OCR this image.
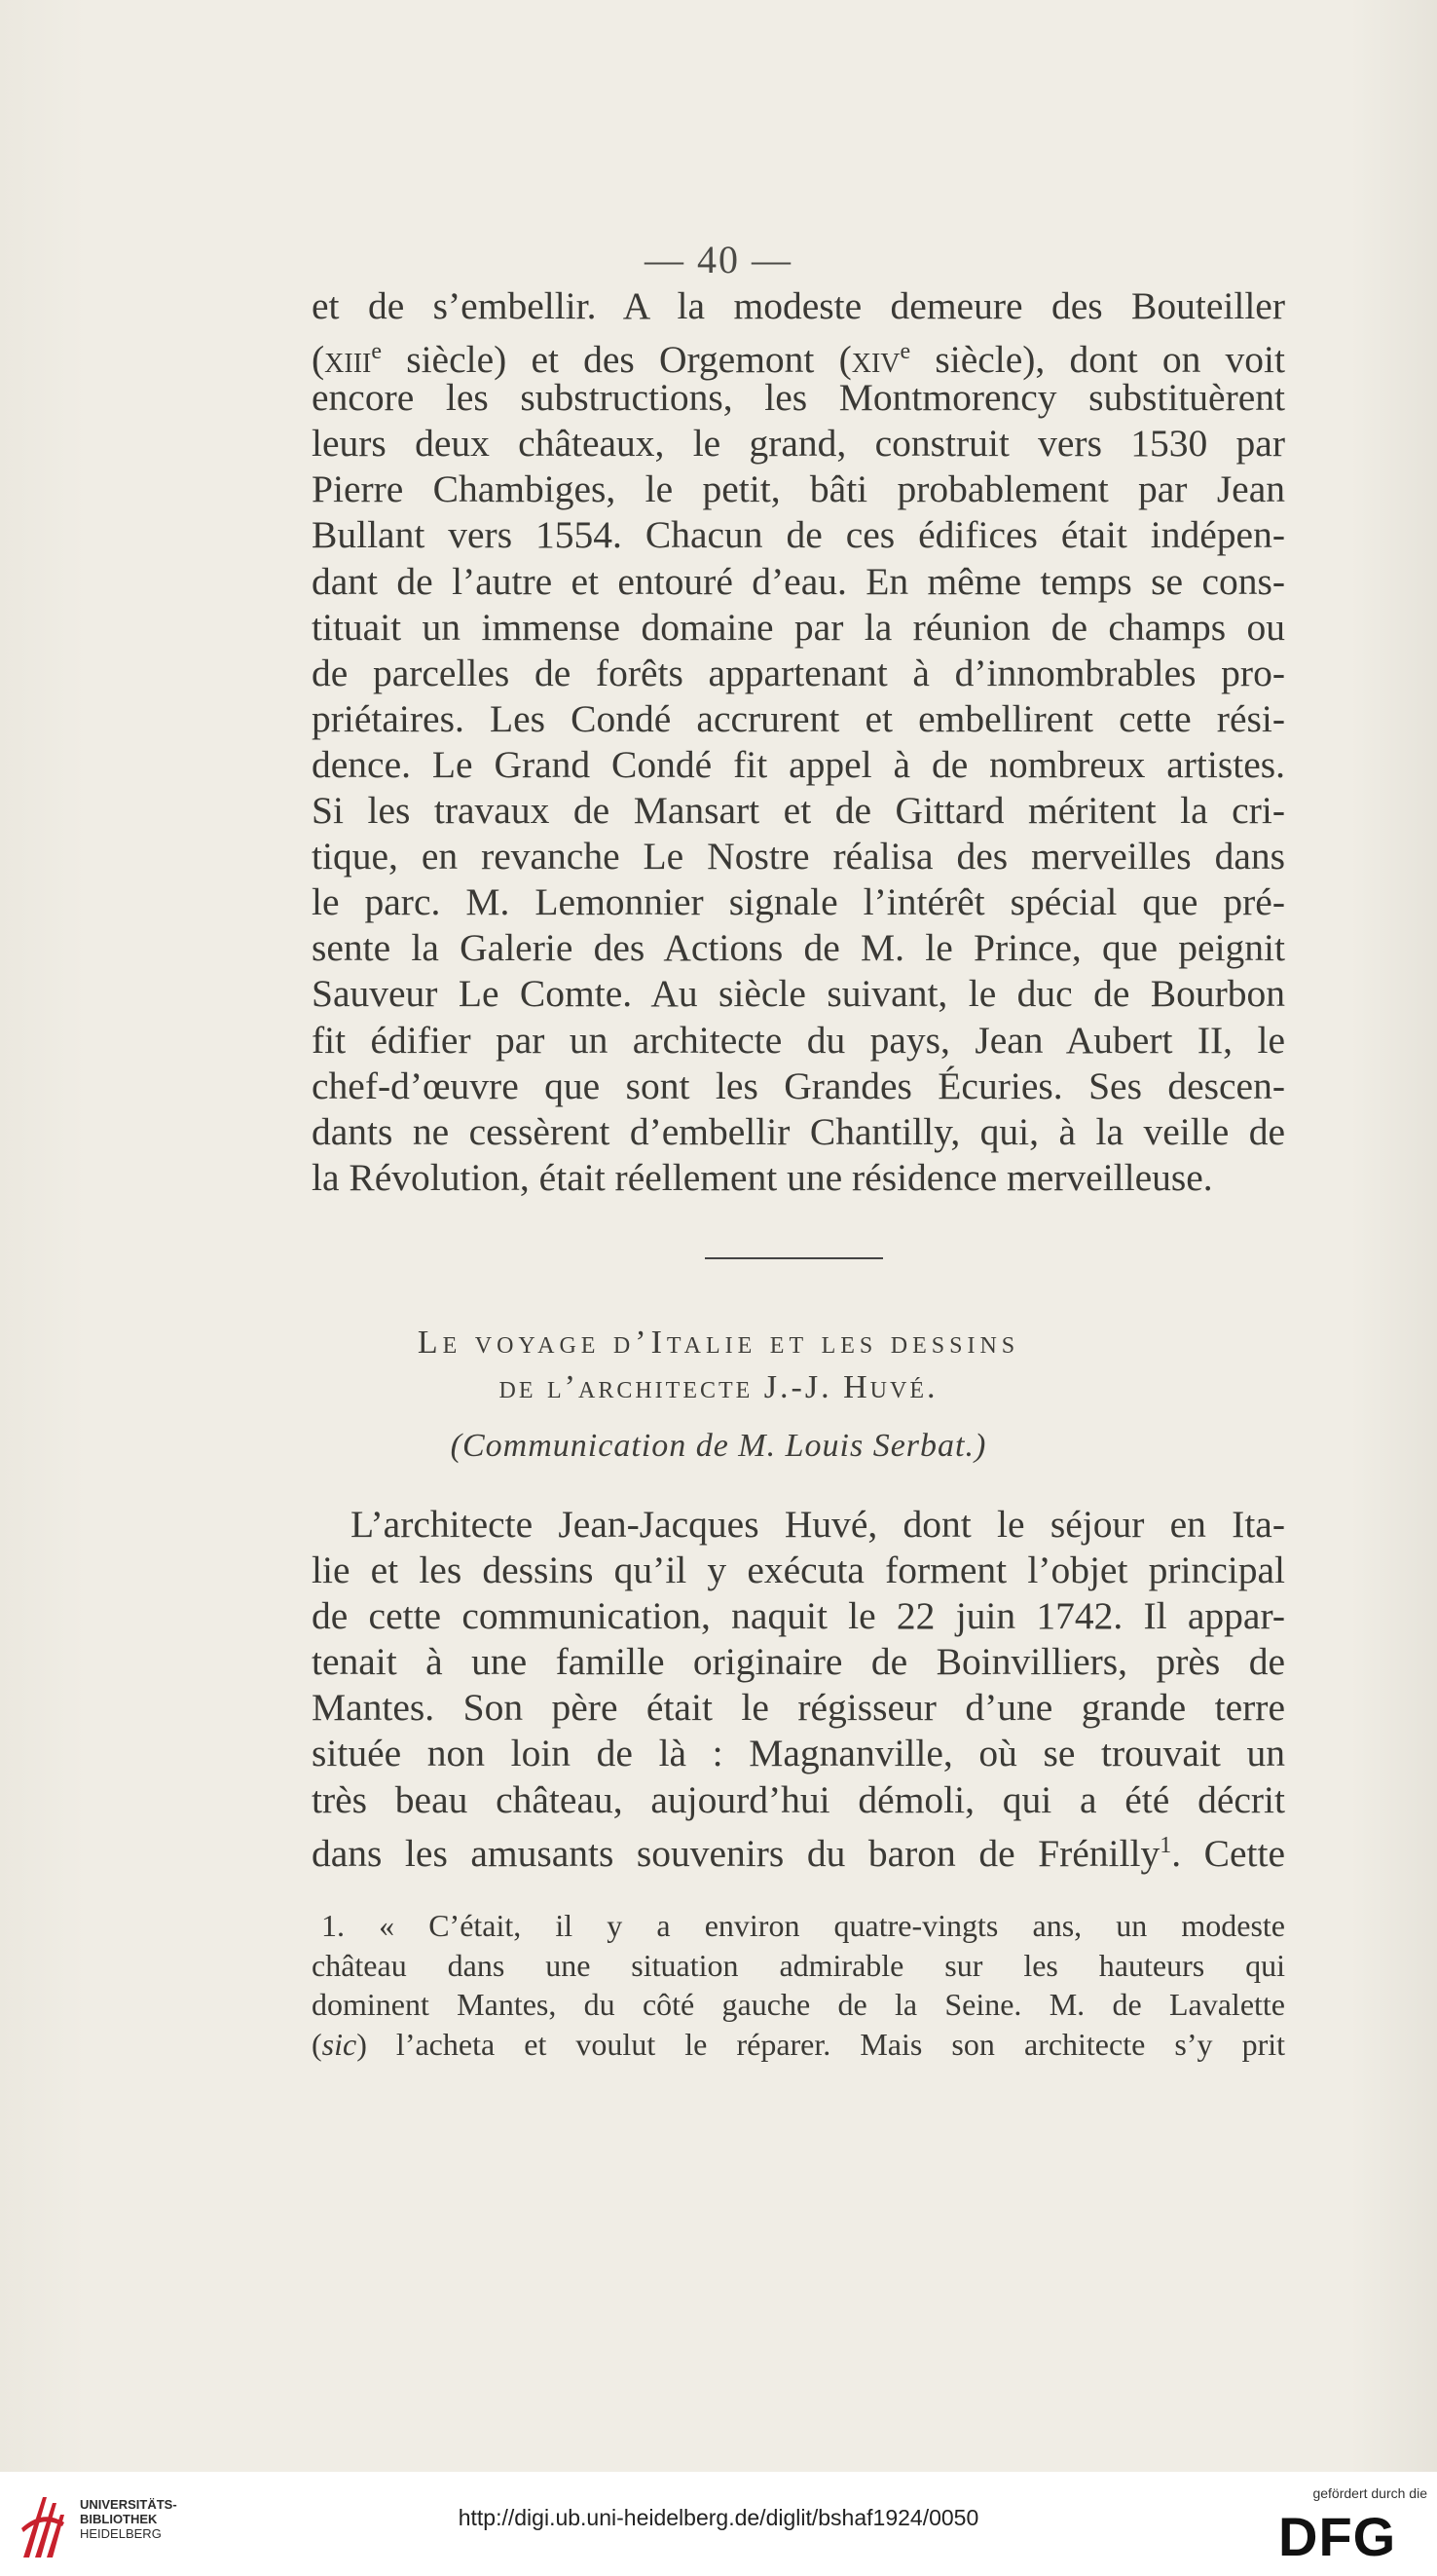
— 40 —
et de s’embellir. A la modeste demeure des Bouteiller
(xiii$^e$ siècle) et des Orgemont (xiv$^e$ siècle), dont on voit
encore les substructions, les Montmorency substituèrent
leurs deux châteaux, le grand, construit vers 1530 par
Pierre Chambiges, le petit, bâti probablement par Jean
Bullant vers 1554. Chacun de ces édifices était indépen-
dant de l’autre et entouré d’eau. En même temps se cons-
tituait un immense domaine par la réunion de champs ou
de parcelles de forêts appartenant à d’innombrables pro-
priétaires. Les Condé accrurent et embellirent cette rési-
dence. Le Grand Condé fit appel à de nombreux artistes.
Si les travaux de Mansart et de Gittard méritent la cri-
tique, en revanche Le Nostre réalisa des merveilles dans
le parc. M. Lemonnier signale l’intérêt spécial que pré-
sente la Galerie des Actions de M. le Prince, que peignit
Sauveur Le Comte. Au siècle suivant, le duc de Bourbon
fit édifier par un architecte du pays, Jean Aubert II, le
chef-d’œuvre que sont les Grandes Écuries. Ses descen-
dants ne cessèrent d’embellir Chantilly, qui, à la veille de
la Révolution, était réellement une résidence merveilleuse.
Le voyage d’Italie et les dessins
de l’architecte J.-J. Huvé.
(Communication de M. Louis Serbat.)
L’architecte Jean-Jacques Huvé, dont le séjour en Ita-
lie et les dessins qu’il y exécuta forment l’objet principal
de cette communication, naquit le 22 juin 1742. Il appar-
tenait à une famille originaire de Boinvilliers, près de
Mantes. Son père était le régisseur d’une grande terre
située non loin de là : Magnanville, où se trouvait un
très beau château, aujourd’hui démoli, qui a été décrit
dans les amusants souvenirs du baron de Frénilly$^1$. Cette
1. « C’était, il y a environ quatre-vingts ans, un modeste
château dans une situation admirable sur les hauteurs qui
dominent Mantes, du côté gauche de la Seine. M. de Lavalette
(sic) l’acheta et voulut le réparer. Mais son architecte s’y prit
UNIVERSITÄTS-
BIBLIOTHEK
HEIDELBERG
http://digi.ub.uni-heidelberg.de/diglit/bshaf1924/0050
gefördert durch die
DFG
